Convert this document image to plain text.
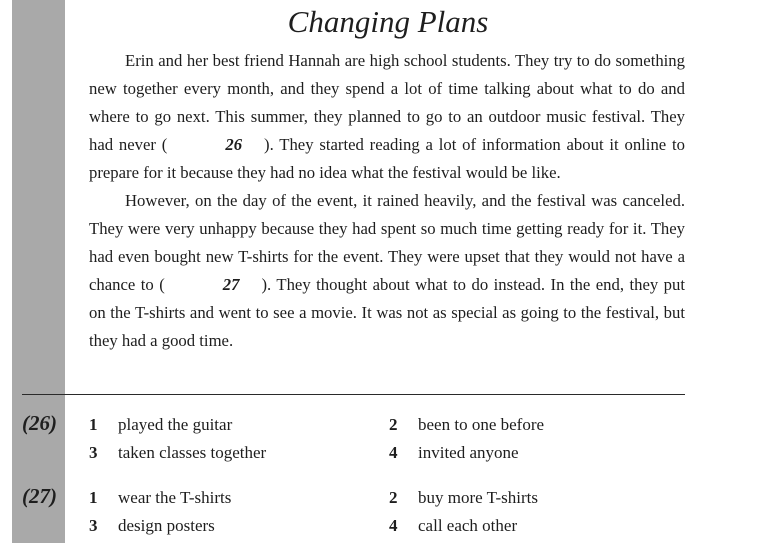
Changing Plans

Erin and her best friend Hannah are high school students. They try to do something new together every month, and they spend a lot of time talking about what to do and where to go next. This summer, they planned to go to an outdoor music festival. They had never (	26 ). They started reading a lot of information about it online to prepare for it because they had no idea what the festival would be like.

However, on the day of the event, it rained heavily, and the festival was canceled. They were very unhappy because they had spent so much time getting ready for it. They had even bought new T-shirts for the event. They were upset that they would not have a chance to (	27 ). They thought about what to do instead. In the end, they put on the T-shirts and went to see a movie. It was not as special as going to the festival, but they had a good time.

(26) 1 played the guitar	2 been to one before
3 taken classes together	4 invited anyone
(27) 1 wear the T-shirts	2 buy more T-shirts
3 design posters	4 call each other
